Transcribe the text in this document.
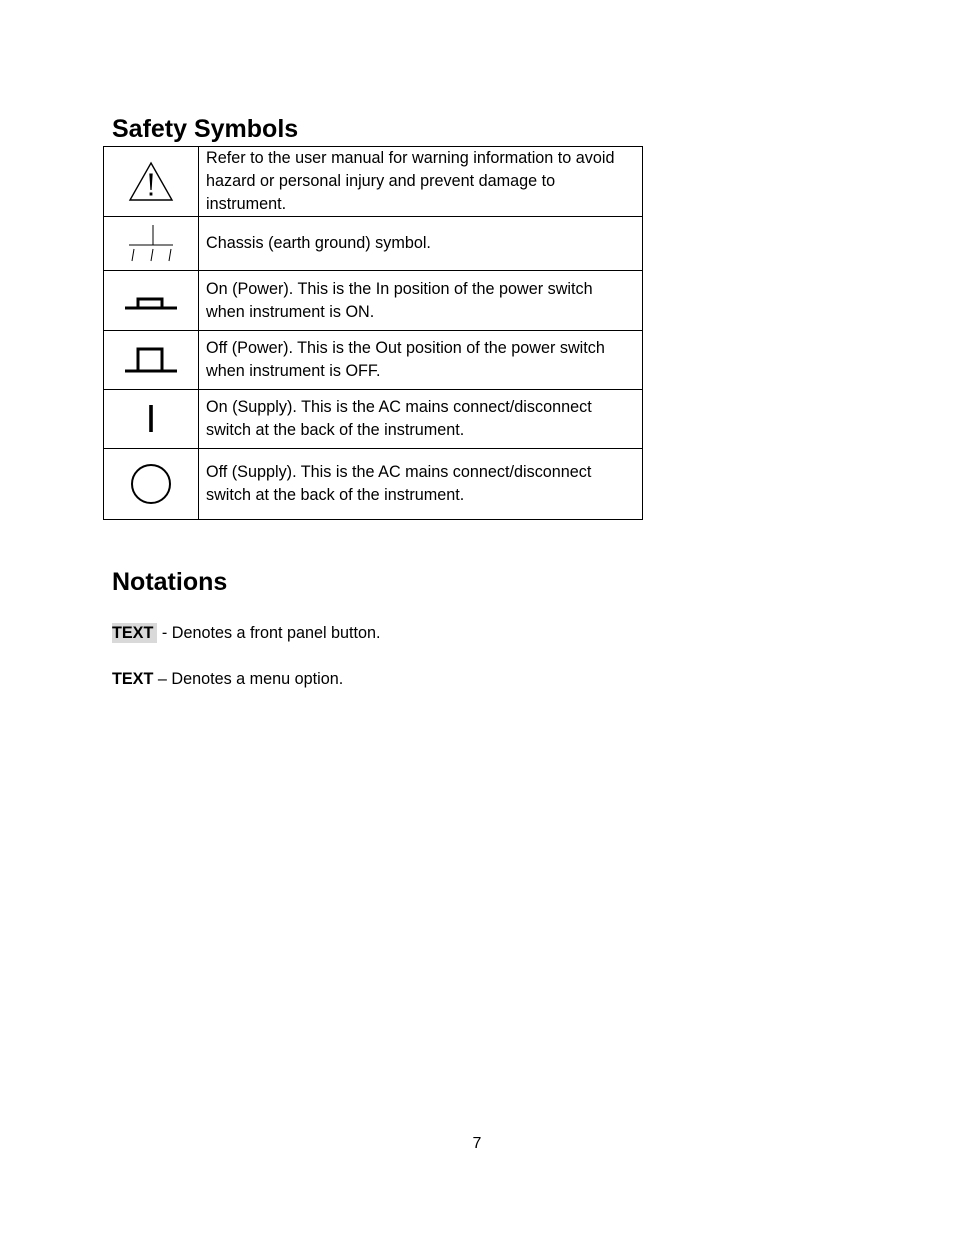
Safety Symbols
	Refer to the user manual for warning information to avoid hazard or personal injury and prevent damage to instrument.

	Chassis (earth ground) symbol.

	On (Power). This is the In position of the power switch when instrument is ON.

	Off (Power). This is the Out position of the power switch when instrument is OFF.

	On (Supply). This is the AC mains connect/disconnect switch at the back of the instrument.

	Off (Supply). This is the AC mains connect/disconnect switch at the back of the instrument.
Notations
TEXT - Denotes a front panel button.
TEXT – Denotes a menu option.
7
